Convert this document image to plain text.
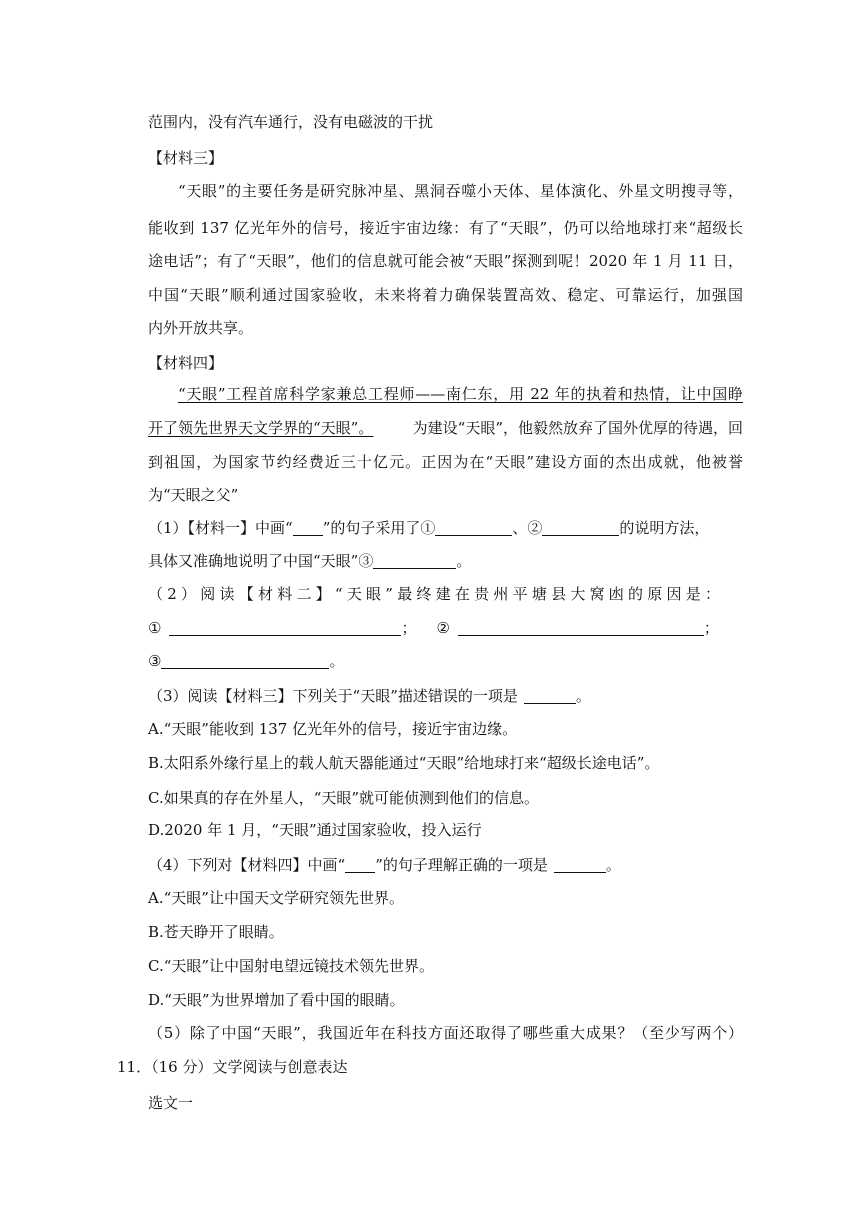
范围内，没有汽车通行，没有电磁波的干扰
【材料三】
“天眼”的主要任务是研究脉冲星、黑洞吞噬小天体、星体演化、外星文明搜寻等，
能收到 137 亿光年外的信号，接近宇宙边缘：有了“天眼”，仍可以给地球打来“超级长
途电话”；有了“天眼”，他们的信息就可能会被“天眼”探测到呢！2020 年 1 月 11 日，
中国“天眼”顺利通过国家验收，未来将着力确保装置高效、稳定、可靠运行，加强国
内外开放共享。
【材料四】
“天眼”工程首席科学家兼总工程师——南仁东，用 22 年的执着和热情，让中国睁
开了领先世界天文学界的“天眼”。	为建设“天眼”，他毅然放弃了国外优厚的待遇，回
到祖国，为国家节约经费近三十亿元。正因为在“天眼”建设方面的杰出成就，他被誉
为“天眼之父”
（1）【材料一】中画“ ”的句子采用了①	、②	的说明方法，
具体又准确地说明了中国“天眼”③	。
（2）阅读【材料二】“天眼”最终建在贵州平塘县大窝凼的原因是：
①	； ②	；
③	。
（3）阅读【材料三】下列关于“天眼”描述错误的一项是	。
A.“天眼”能收到 137 亿光年外的信号，接近宇宙边缘。
B.太阳系外缘行星上的载人航天器能通过“天眼”给地球打来“超级长途电话”。
C.如果真的存在外星人，“天眼”就可能侦测到他们的信息。
D.2020 年 1 月，“天眼”通过国家验收，投入运行
（4）下列对【材料四】中画“ ”的句子理解正确的一项是	。
A.“天眼”让中国天文学研究领先世界。
B.苍天睁开了眼睛。
C.“天眼”让中国射电望远镜技术领先世界。
D.“天眼”为世界增加了看中国的眼睛。
（5）除了中国“天眼”，我国近年在科技方面还取得了哪些重大成果？（至少写两个）
11．（16 分）文学阅读与创意表达
选文一
